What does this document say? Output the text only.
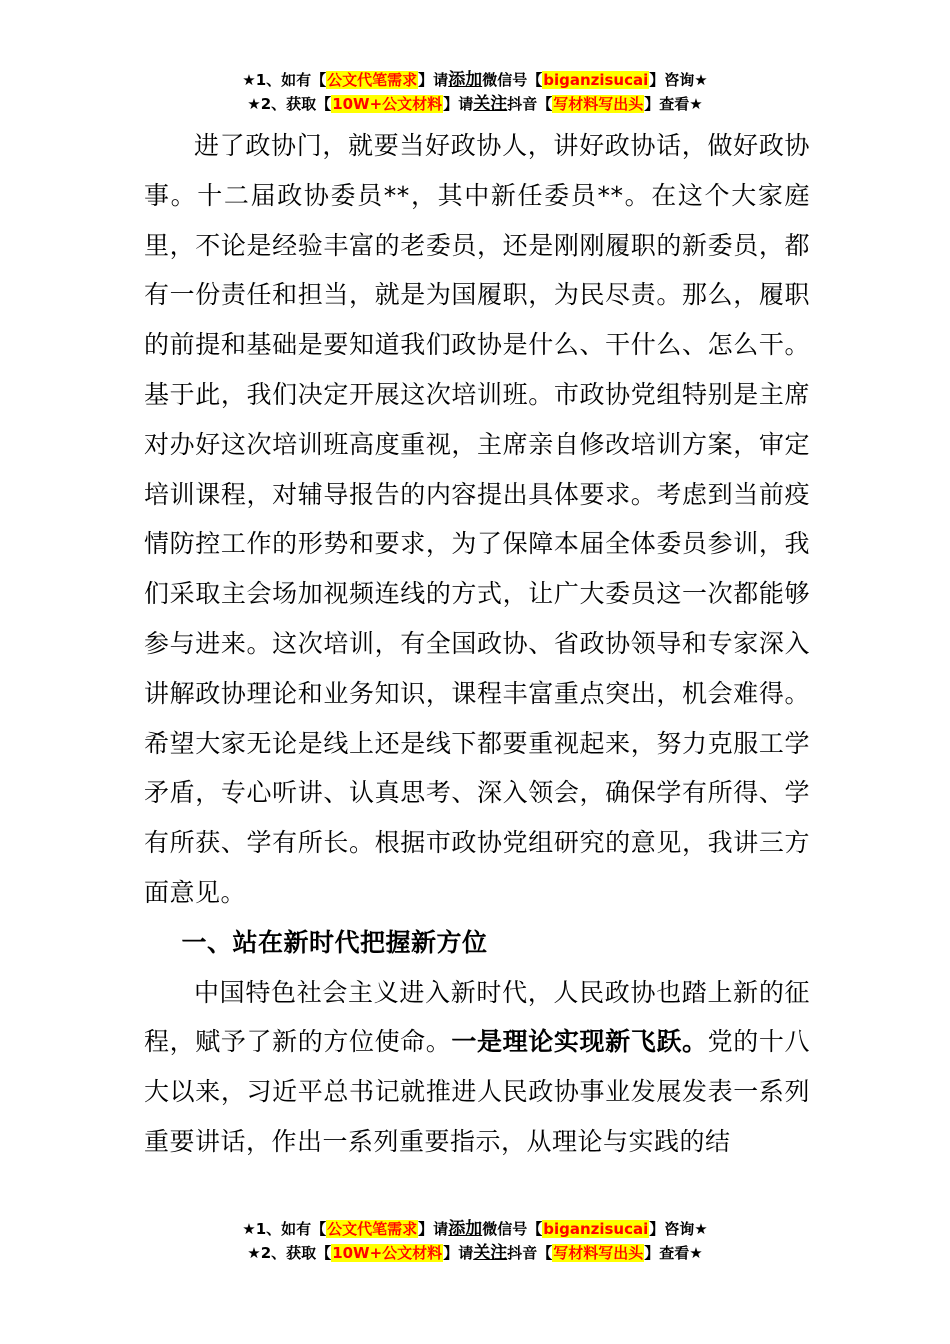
★1、如有【公文代笔需求】请添加微信号【biganzisucai】咨询★
★2、获取【10W+公文材料】请关注抖音【写材料写出头】查看★

进了政协门，就要当好政协人，讲好政协话，做好政协事。十二届政协委员**，其中新任委员**。在这个大家庭里，不论是经验丰富的老委员，还是刚刚履职的新委员，都有一份责任和担当，就是为国履职，为民尽责。那么，履职的前提和基础是要知道我们政协是什么、干什么、怎么干。基于此，我们决定开展这次培训班。市政协党组特别是主席对办好这次培训班高度重视，主席亲自修改培训方案，审定培训课程，对辅导报告的内容提出具体要求。考虑到当前疫情防控工作的形势和要求，为了保障本届全体委员参训，我们采取主会场加视频连线的方式，让广大委员这一次都能够参与进来。这次培训，有全国政协、省政协领导和专家深入讲解政协理论和业务知识，课程丰富重点突出，机会难得。希望大家无论是线上还是线下都要重视起来，努力克服工学矛盾，专心听讲、认真思考、深入领会，确保学有所得、学有所获、学有所长。根据市政协党组研究的意见，我讲三方面意见。

一、站在新时代把握新方位

中国特色社会主义进入新时代，人民政协也踏上新的征程，赋予了新的方位使命。一是理论实现新飞跃。党的十八大以来，习近平总书记就推进人民政协事业发展发表一系列重要讲话，作出一系列重要指示，从理论与实践的结

★1、如有【公文代笔需求】请添加微信号【biganzisucai】咨询★
★2、获取【10W+公文材料】请关注抖音【写材料写出头】查看★
